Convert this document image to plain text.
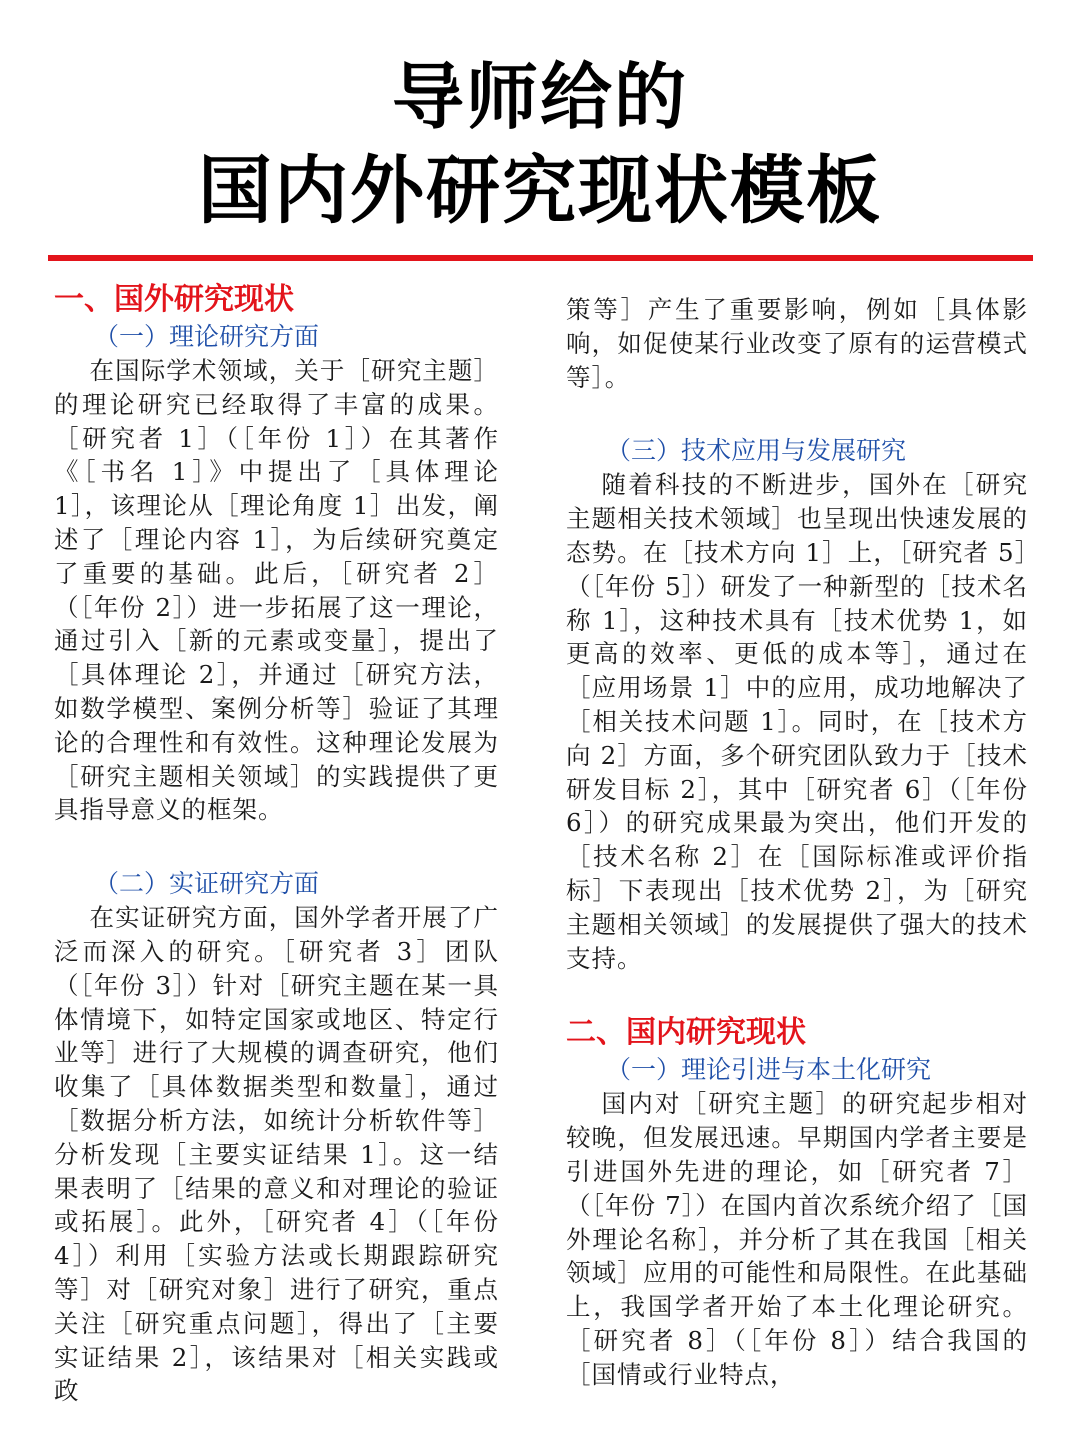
导师给的
国内外研究现状模板

一、国外研究现状

（一）理论研究方面

在国际学术领域，关于［研究主题］的理论研究已经取得了丰富的成果。［研究者 1］（［年份 1］）在其著作《［书名 1］》中提出了［具体理论 1］，该理论从［理论角度 1］出发，阐述了［理论内容 1］，为后续研究奠定了重要的基础。此后，［研究者 2］（［年份 2］）进一步拓展了这一理论，通过引入［新的元素或变量］，提出了［具体理论 2］，并通过［研究方法，如数学模型、案例分析等］验证了其理论的合理性和有效性。这种理论发展为［研究主题相关领域］的实践提供了更具指导意义的框架。

（二）实证研究方面

在实证研究方面，国外学者开展了广泛而深入的研究。［研究者 3］团队（［年份 3］）针对［研究主题在某一具体情境下，如特定国家或地区、特定行业等］进行了大规模的调查研究，他们收集了［具体数据类型和数量］，通过［数据分析方法，如统计分析软件等］分析发现［主要实证结果 1］。这一结果表明了［结果的意义和对理论的验证或拓展］。此外，［研究者 4］（［年份 4］）利用［实验方法或长期跟踪研究等］对［研究对象］进行了研究，重点关注［研究重点问题］，得出了［主要实证结果 2］，该结果对［相关实践或政

策等］产生了重要影响，例如［具体影响，如促使某行业改变了原有的运营模式等］。

（三）技术应用与发展研究

随着科技的不断进步，国外在［研究主题相关技术领域］也呈现出快速发展的态势。在［技术方向 1］上，［研究者 5］（［年份 5］）研发了一种新型的［技术名称 1］，这种技术具有［技术优势 1，如更高的效率、更低的成本等］，通过在［应用场景 1］中的应用，成功地解决了［相关技术问题 1］。同时，在［技术方向 2］方面，多个研究团队致力于［技术研发目标 2］，其中［研究者 6］（［年份 6］）的研究成果最为突出，他们开发的［技术名称 2］在［国际标准或评价指标］下表现出［技术优势 2］，为［研究主题相关领域］的发展提供了强大的技术支持。

二、国内研究现状

（一）理论引进与本土化研究

国内对［研究主题］的研究起步相对较晚，但发展迅速。早期国内学者主要是引进国外先进的理论，如［研究者 7］（［年份 7］）在国内首次系统介绍了［国外理论名称］，并分析了其在我国［相关领域］应用的可能性和局限性。在此基础上，我国学者开始了本土化理论研究。［研究者 8］（［年份 8］）结合我国的［国情或行业特点，
